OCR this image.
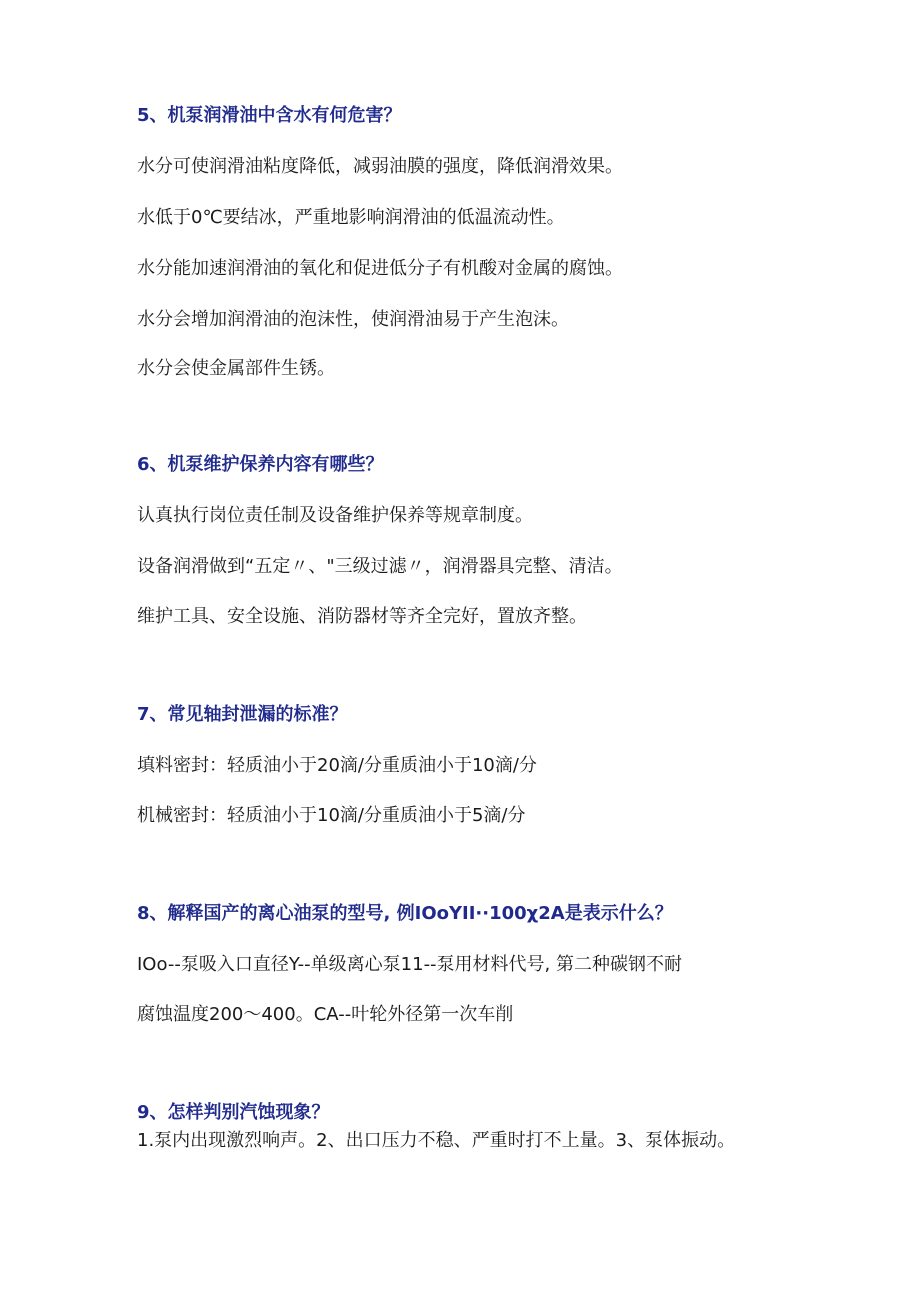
5、机泵润滑油中含水有何危害？
水分可使润滑油粘度降低，减弱油膜的强度，降低润滑效果。
水低于0℃要结冰，严重地影响润滑油的低温流动性。
水分能加速润滑油的氧化和促进低分子有机酸对金属的腐蚀。
水分会增加润滑油的泡沫性，使润滑油易于产生泡沫。
水分会使金属部件生锈。
6、机泵维护保养内容有哪些？
认真执行岗位责任制及设备维护保养等规章制度。
设备润滑做到“五定〃、"三级过滤〃，润滑器具完整、清洁。
维护工具、安全设施、消防器材等齐全完好，置放齐整。
7、常见轴封泄漏的标准？
填料密封：轻质油小于20滴/分重质油小于10滴/分
机械密封：轻质油小于10滴/分重质油小于5滴/分
8、解释国产的离心油泵的型号, 例IOoYII··100χ2A是表示什么？
IOo--泵吸入口直径Y--单级离心泵11--泵用材料代号, 第二种碳钢不耐
腐蚀温度200～400。CA--叶轮外径第一次车削
9、怎样判别汽蚀现象？
1.泵内出现激烈响声。2、出口压力不稳、严重时打不上量。3、泵体振动。
